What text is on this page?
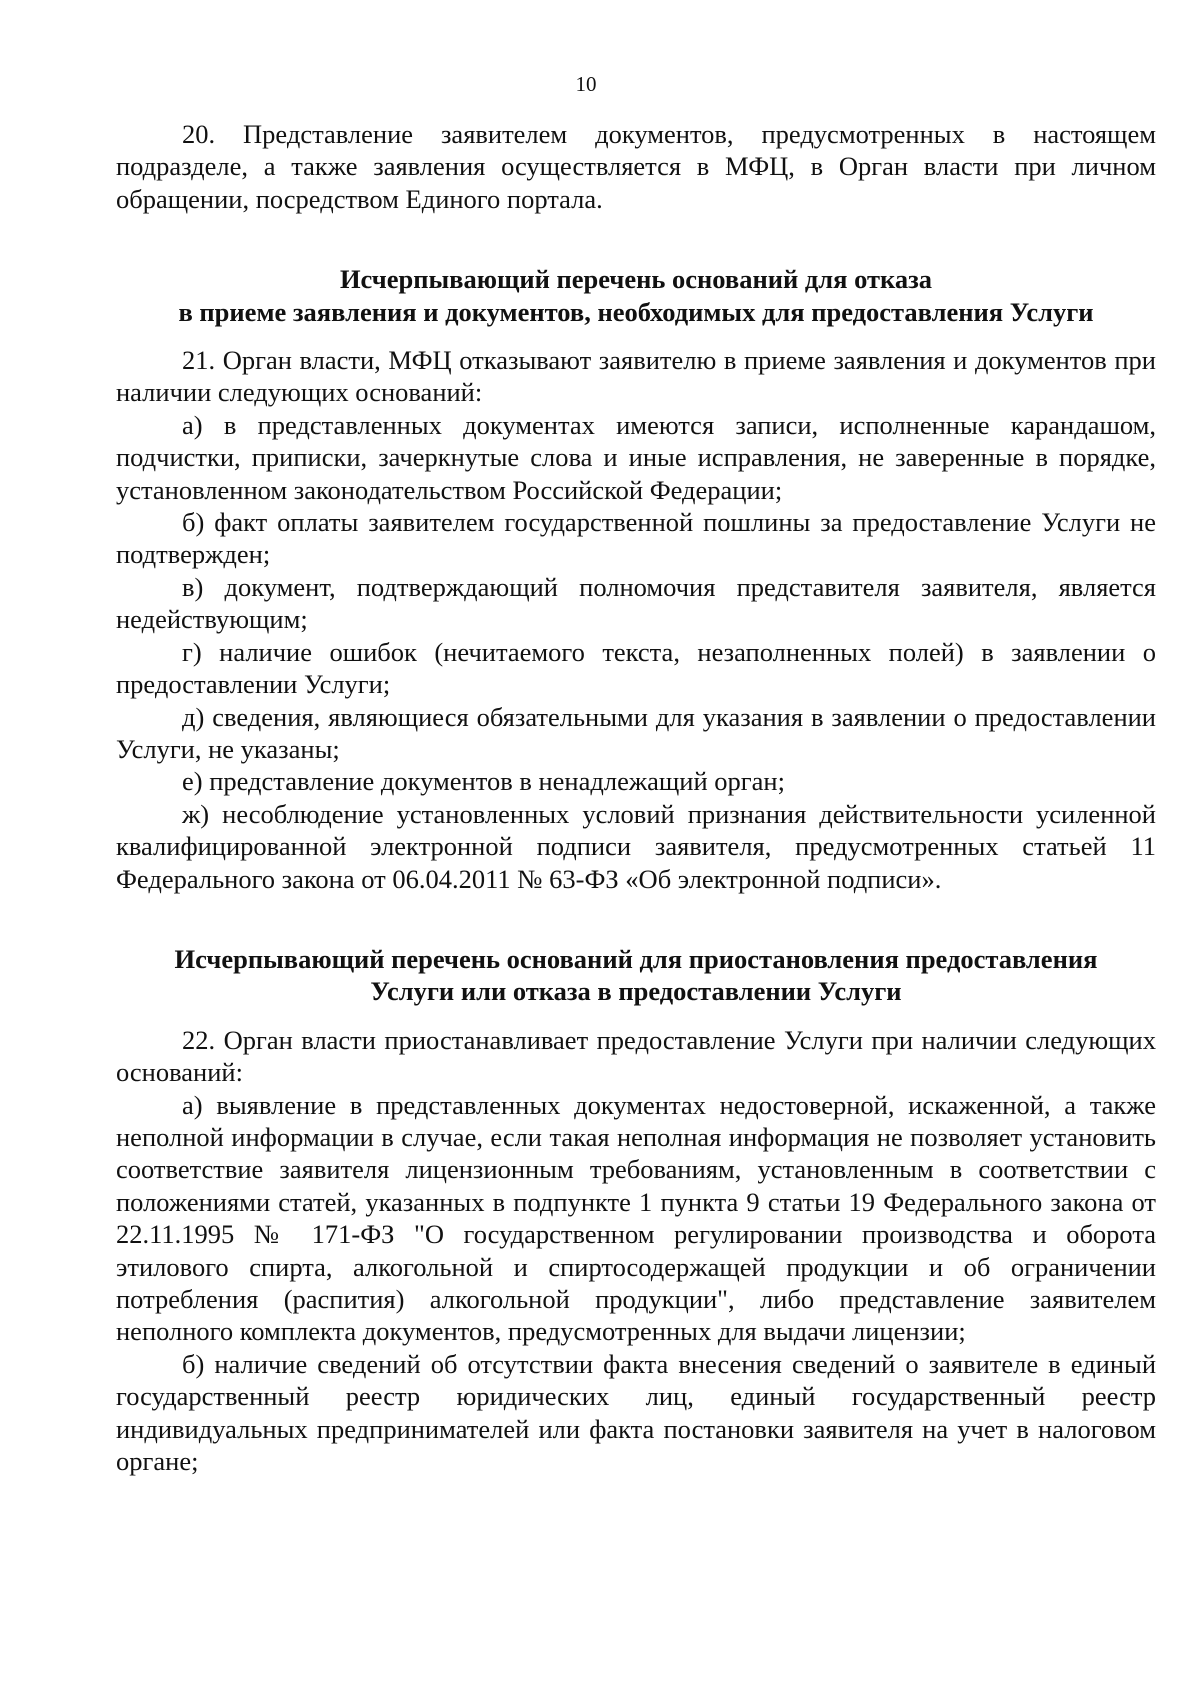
10

20. Представление заявителем документов, предусмотренных в настоящем подразделе, а также заявления осуществляется в МФЦ, в Орган власти при личном обращении, посредством Единого портала.

Исчерпывающий перечень оснований для отказа

в приеме заявления и документов, необходимых для предоставления Услуги

21. Орган власти, МФЦ отказывают заявителю в приеме заявления и документов при наличии следующих оснований:

а) в представленных документах имеются записи, исполненные карандашом, подчистки, приписки, зачеркнутые слова и иные исправления, не заверенные в порядке, установленном законодательством Российской Федерации;

б) факт оплаты заявителем государственной пошлины за предоставление Услуги не подтвержден;

в) документ, подтверждающий полномочия представителя заявителя, является недействующим;

г) наличие ошибок (нечитаемого текста, незаполненных полей) в заявлении о предоставлении Услуги;

д) сведения, являющиеся обязательными для указания в заявлении о предоставлении Услуги, не указаны;

е) представление документов в ненадлежащий орган;

ж) несоблюдение установленных условий признания действительности усиленной квалифицированной электронной подписи заявителя, предусмотренных статьей 11 Федерального закона от 06.04.2011 № 63-ФЗ «Об электронной подписи».

Исчерпывающий перечень оснований для приостановления предоставления

Услуги или отказа в предоставлении Услуги

22. Орган власти приостанавливает предоставление Услуги при наличии следующих оснований:

а) выявление в представленных документах недостоверной, искаженной, а также неполной информации в случае, если такая неполная информация не позволяет установить соответствие заявителя лицензионным требованиям, установленным в соответствии с положениями статей, указанных в подпункте 1 пункта 9 статьи 19 Федерального закона от 22.11.1995 № 171-ФЗ "О государственном регулировании производства и оборота этилового спирта, алкогольной и спиртосодержащей продукции и об ограничении потребления (распития) алкогольной продукции", либо представление заявителем неполного комплекта документов, предусмотренных для выдачи лицензии;

б) наличие сведений об отсутствии факта внесения сведений о заявителе в единый государственный реестр юридических лиц, единый государственный реестр индивидуальных предпринимателей или факта постановки заявителя на учет в налоговом органе;
